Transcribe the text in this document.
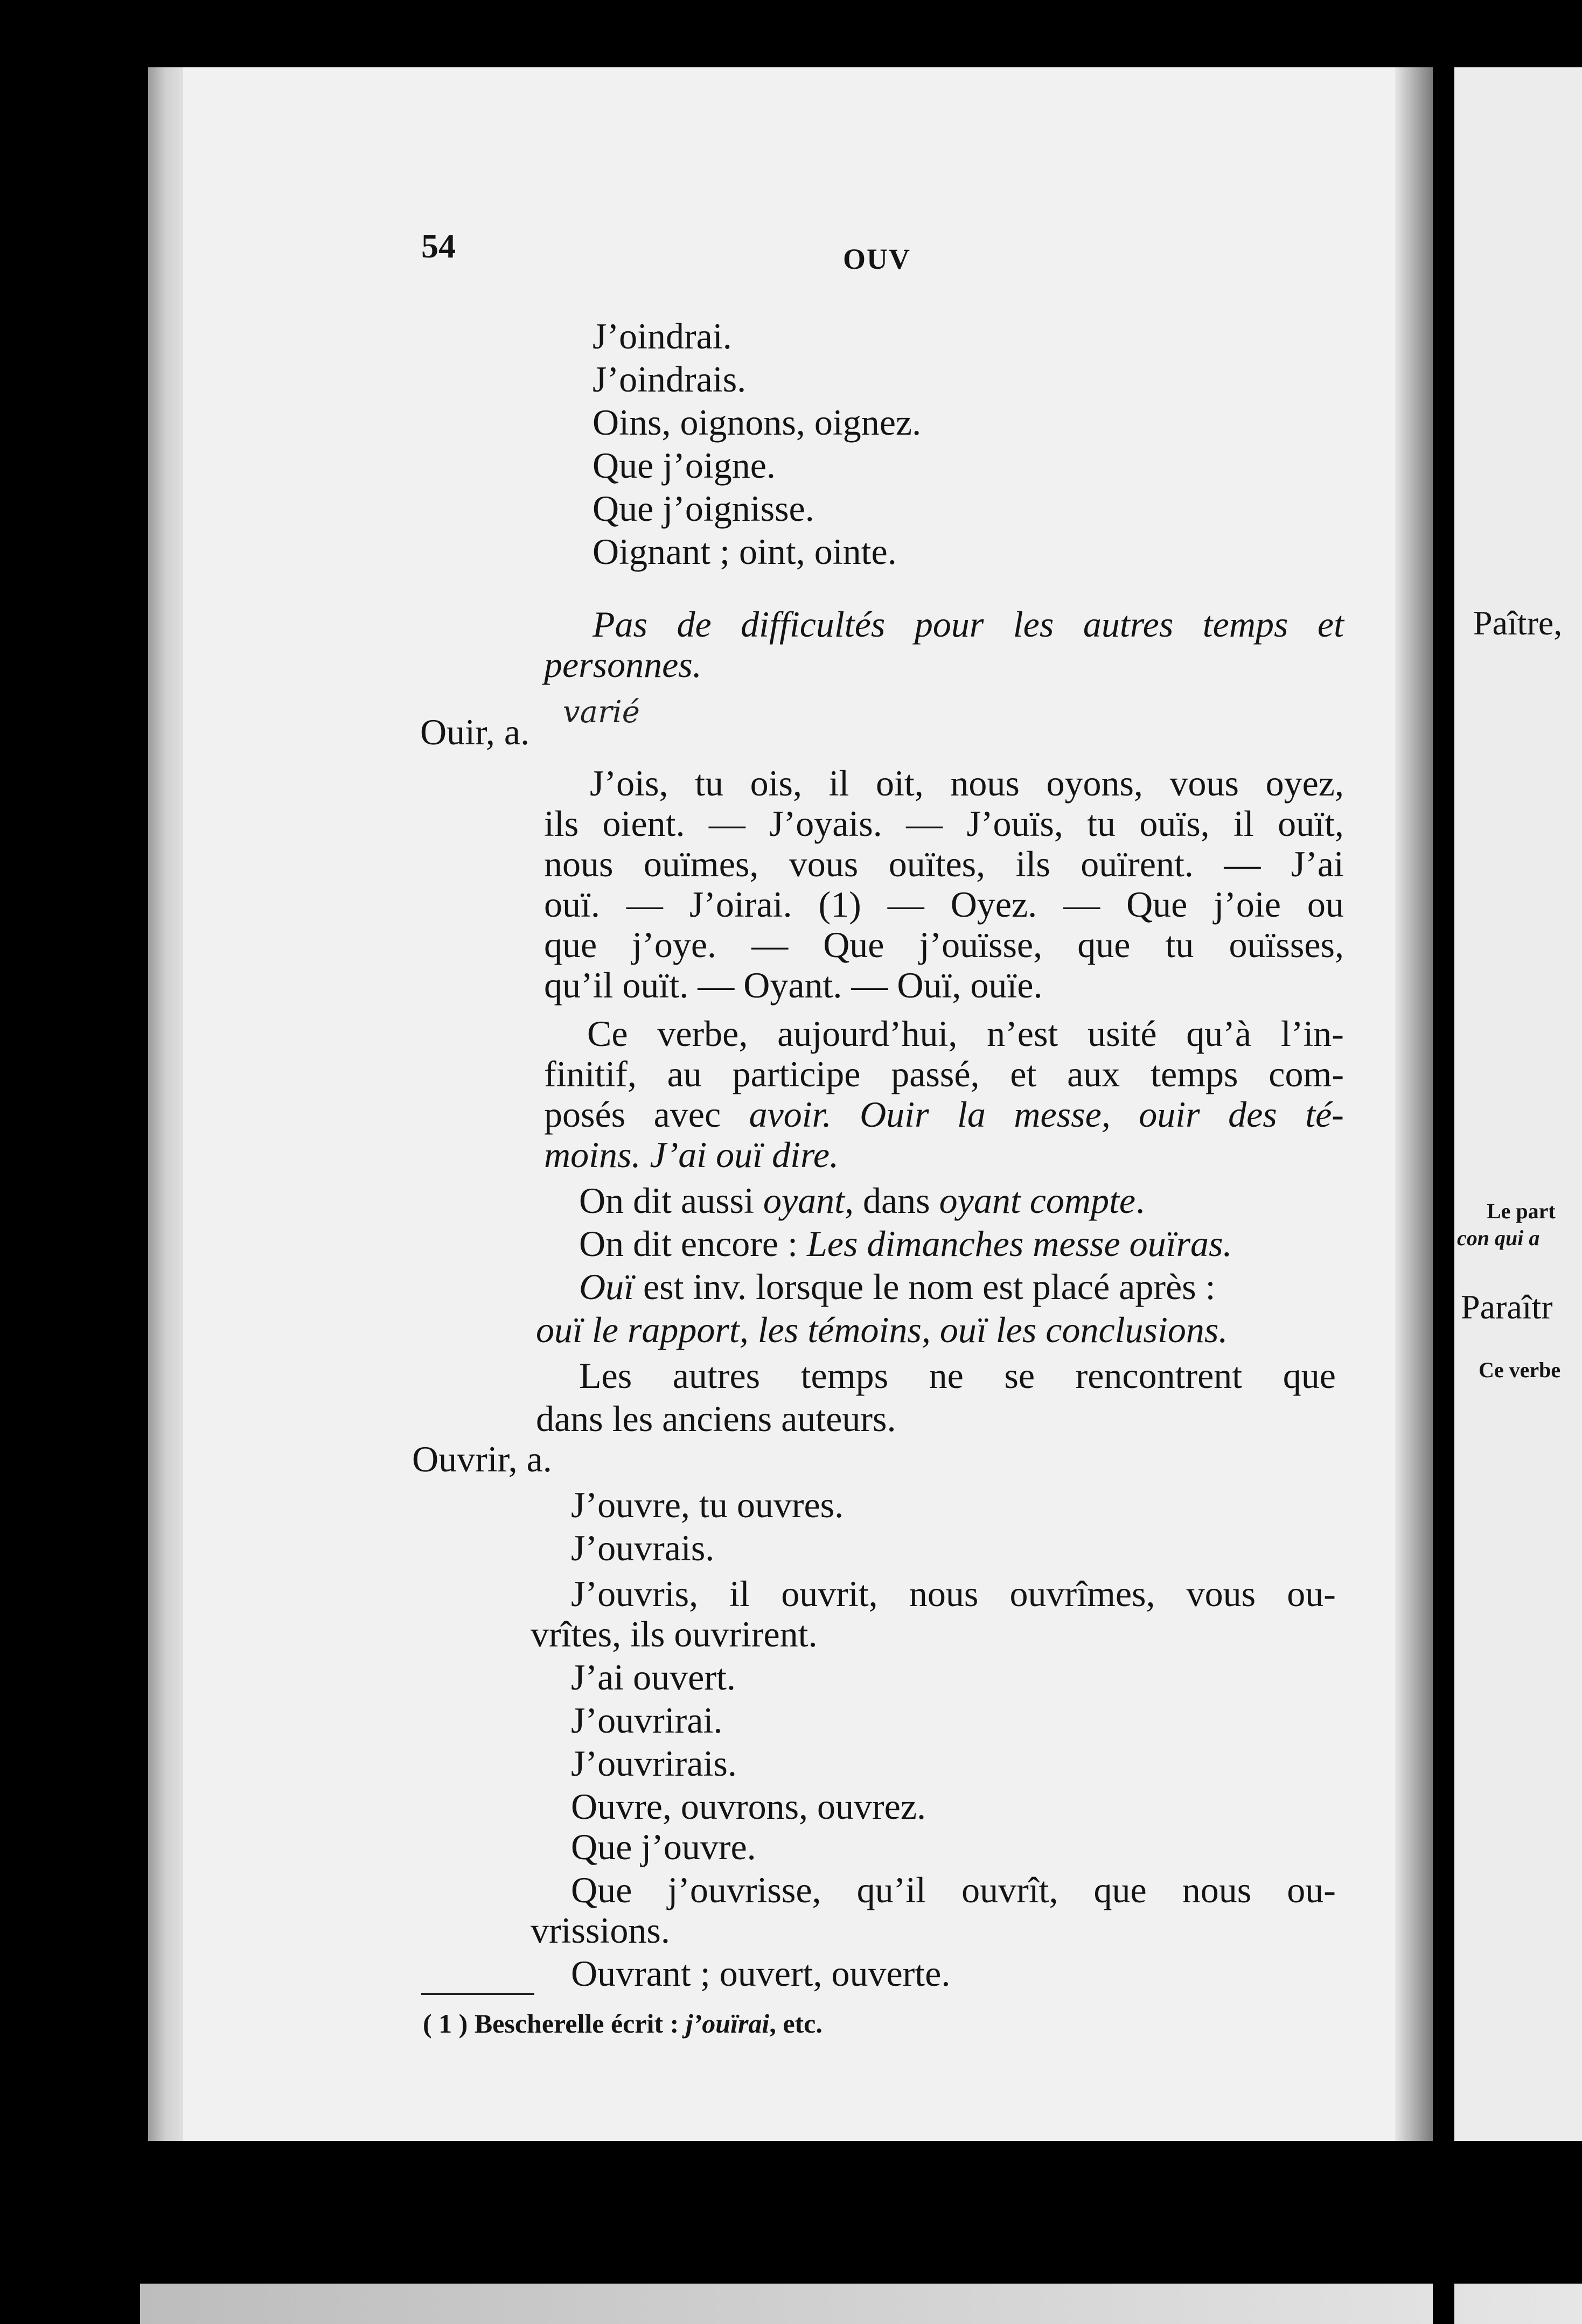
54	OUV
J’oindrai.
J’oindrais.
Oins, oignons, oignez.
Que j’oigne.
Que j’oignisse.
Oignant ; oint, ointe.
Pas de difficultés pour les autres temps et
personnes.
Ouir, a. varié
J’ois, tu ois, il oit, nous oyons, vous oyez,
ils oient. — J’oyais. — J’ouïs, tu ouïs, il ouït,
nous ouïmes, vous ouïtes, ils ouïrent. — J’ai
ouï. — J’oirai. (1) — Oyez. — Que j’oie ou
que j’oye. — Que j’ouïsse, que tu ouïsses,
qu’il ouït. — Oyant. — Ouï, ouïe.
Ce verbe, aujourd’hui, n’est usité qu’à l’in-
finitif, au participe passé, et aux temps com-
posés avec avoir. Ouir la messe, ouir des té-
moins. J’ai ouï dire.
On dit aussi oyant, dans oyant compte.
On dit encore : Les dimanches messe ouïras.
Ouï est inv. lorsque le nom est placé après :
ouï le rapport, les témoins, ouï les conclusions.
Les autres temps ne se rencontrent que
dans les anciens auteurs.
Ouvrir, a.
J’ouvre, tu ouvres.
J’ouvrais.
J’ouvris, il ouvrit, nous ouvrîmes, vous ou-
vrîtes, ils ouvrirent.
J’ai ouvert.
J’ouvrirai.
J’ouvrirais.
Ouvre, ouvrons, ouvrez.
Que j’ouvre.
Que j’ouvrisse, qu’il ouvrît, que nous ou-
vrissions.
Ouvrant ; ouvert, ouverte.
( 1 ) Bescherelle écrit : j’ouïrai, etc.
Paître,
Le part
con qui a
Paraîtr
Ce verbe
